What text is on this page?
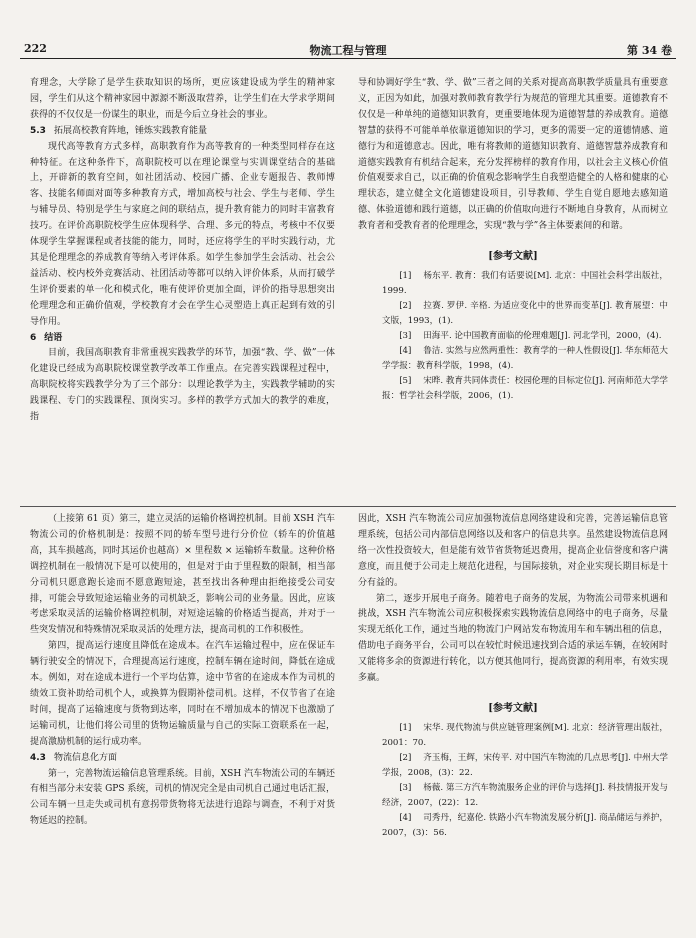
222	物流工程与管理	第 34 卷

育理念，大学除了是学生获取知识的场所，更应该建设成为学生的精神家园，学生们从这个精神家园中源源不断汲取营养，让学生们在大学求学期间获得的不仅仅是一份谋生的职业，而是今后立身社会的事业。

5.3 拓展高校教育阵地，锤炼实践教育能量

现代高等教育方式多样，高职教育作为高等教育的一种类型同样存在这种特征。在这种条件下，高职院校可以在理论课堂与实训课堂结合的基础上，开辟新的教育空间，如社团活动、校园广播、企业专题报告、教师博客、技能名师面对面等多种教育方式，增加高校与社会、学生与老师、学生与辅导员、特别是学生与家庭之间的联结点，提升教育能力的同时丰富教育技巧。在评价高职院校学生应体现科学、合理、多元的特点，考核中不仅要体现学生掌握课程或者技能的能力，同时，还应将学生的平时实践行动，尤其是伦理理念的养成教育等纳入考评体系。如学生参加学生会活动、社会公益活动、校内校外竞赛活动、社团活动等都可以纳入评价体系，从而打破学生评价要素的单一化和模式化，唯有使评价更加全面，评价的指导思想突出伦理理念和正确价值观，学校教育才会在学生心灵塑造上真正起到有效的引导作用。

6 结语

目前，我国高职教育非常重视实践教学的环节，加强“教、学、做”一体化建设已经成为高职院校课堂教学改革工作重点。在完善实践课程过程中，高职院校将实践教学分为了三个部分：以理论教学为主，实践教学辅助的实践课程、专门的实践课程、顶岗实习。多样的教学方式加大的教学的难度，指

导和协调好学生“教、学、做”三者之间的关系对提高高职教学质量具有重要意义，正因为如此，加强对教师教育教学行为规范的管理尤其重要。道德教育不仅仅是一种单纯的道德知识教育，更重要地体现为道德智慧的养成教育。道德智慧的获得不可能单单依靠道德知识的学习，更多的需要一定的道德情感、道德行为和道德意志。因此，唯有将教师的道德知识教育、道德智慧养成教育和道德实践教育有机结合起来，充分发挥榜样的教育作用，以社会主义核心价值价值观要求自己，以正确的价值观念影响学生自我塑造健全的人格和健康的心理状态，建立健全文化道德建设项目，引导教师、学生自觉自愿地去感知道德、体验道德和践行道德，以正确的价值取向进行不断地自身教育，从而树立教育者和受教育者的伦理理念，实现“教与学”各主体要素间的和谐。

[参考文献]

[1] 杨东平. 教育：我们有话要说[M]. 北京：中国社会科学出版社，1999.

[2] 拉赛. 罗伊. 辛格. 为适应变化中的世界而变革[J]. 教育展望：中文版，1993，(1).

[3] 田海平. 论中国教育面临的伦理难题[J]. 河北学刊，2000，(4).

[4] 鲁洁. 实然与应然两重性：教育学的一种人性假设[J]. 华东师范大学学报：教育科学版，1998，(4).

[5] 宋晔. 教育共同体责任：校园伦理的目标定位[J]. 河南师范大学学报：哲学社会科学版，2006，(1).

（上接第 61 页）第三，建立灵活的运输价格调控机制。目前 XSH 汽车物流公司的价格机制是：按照不同的轿车型号进行分价位（轿车的价值越高，其车损越高，同时其运价也越高）× 里程数 × 运输轿车数量。这种价格调控机制在一般情况下是可以使用的，但是对于由于里程数的限制，相当部分司机只愿意跑长途而不愿意跑短途，甚至找出各种理由拒绝接受公司安排，可能会导致短途运输业务的司机缺乏，影响公司的业务量。因此，应该考虑采取灵活的运输价格调控机制，对短途运输的价格适当提高，并对于一些突发情况和特殊情况采取灵活的处理方法，提高司机的工作积极性。

第四，提高运行速度且降低在途成本。在汽车运输过程中，应在保证车辆行驶安全的情况下，合理提高运行速度，控制车辆在途时间，降低在途成本。例如，对在途成本进行一个平均估算，途中节省的在途成本作为司机的绩效工资补助给司机个人，或换算为假期补偿司机。这样，不仅节省了在途时间，提高了运输速度与货物到达率，同时在不增加成本的情况下也激励了运输司机，让他们将公司里的货物运输质量与自己的实际工资联系在一起，提高激励机制的运行成功率。

4.3 物流信息化方面

第一，完善物流运输信息管理系统。目前，XSH 汽车物流公司的车辆还有相当部分未安装 GPS 系统，司机的情况完全是由司机自己通过电话汇报，公司车辆一旦走失或司机有意拐带货物将无法进行追踪与调查，不利于对货物延迟的控制。

因此，XSH 汽车物流公司应加强物流信息网络建设和完善，完善运输信息管理系统，包括公司内部信息网络以及和客户的信息共享。虽然建设物流信息网络一次性投资较大，但是能有效节省货物延迟费用，提高企业信誉度和客户满意度，而且便于公司走上规范化进程，与国际接轨，对企业实现长期目标是十分有益的。

第二，逐步开展电子商务。随着电子商务的发展，为物流公司带来机遇和挑战，XSH 汽车物流公司应积极探索实践物流信息网络中的电子商务，尽量实现无纸化工作，通过当地的物流门户网站发布物流用车和车辆出租的信息，借助电子商务平台，公司可以在较忙时候迅速找到合适的承运车辆，在较闲时又能将多余的资源进行转化，以方便其他同行，提高资源的利用率，有效实现多赢。

[参考文献]

[1] 宋华. 现代物流与供应链管理案例[M]. 北京：经济管理出版社，2001：70.

[2] 齐玉梅，王辉，宋传平. 对中国汽车物流的几点思考[J]. 中州大学学报，2008，(3)：22.

[3] 杨薇. 第三方汽车物流服务企业的评价与选择[J]. 科技情报开发与经济，2007，(22)：12.

[4] 司秀丹，纪嘉伦. 铁路小汽车物流发展分析[J]. 商品储运与养护，2007，(3)：56.
